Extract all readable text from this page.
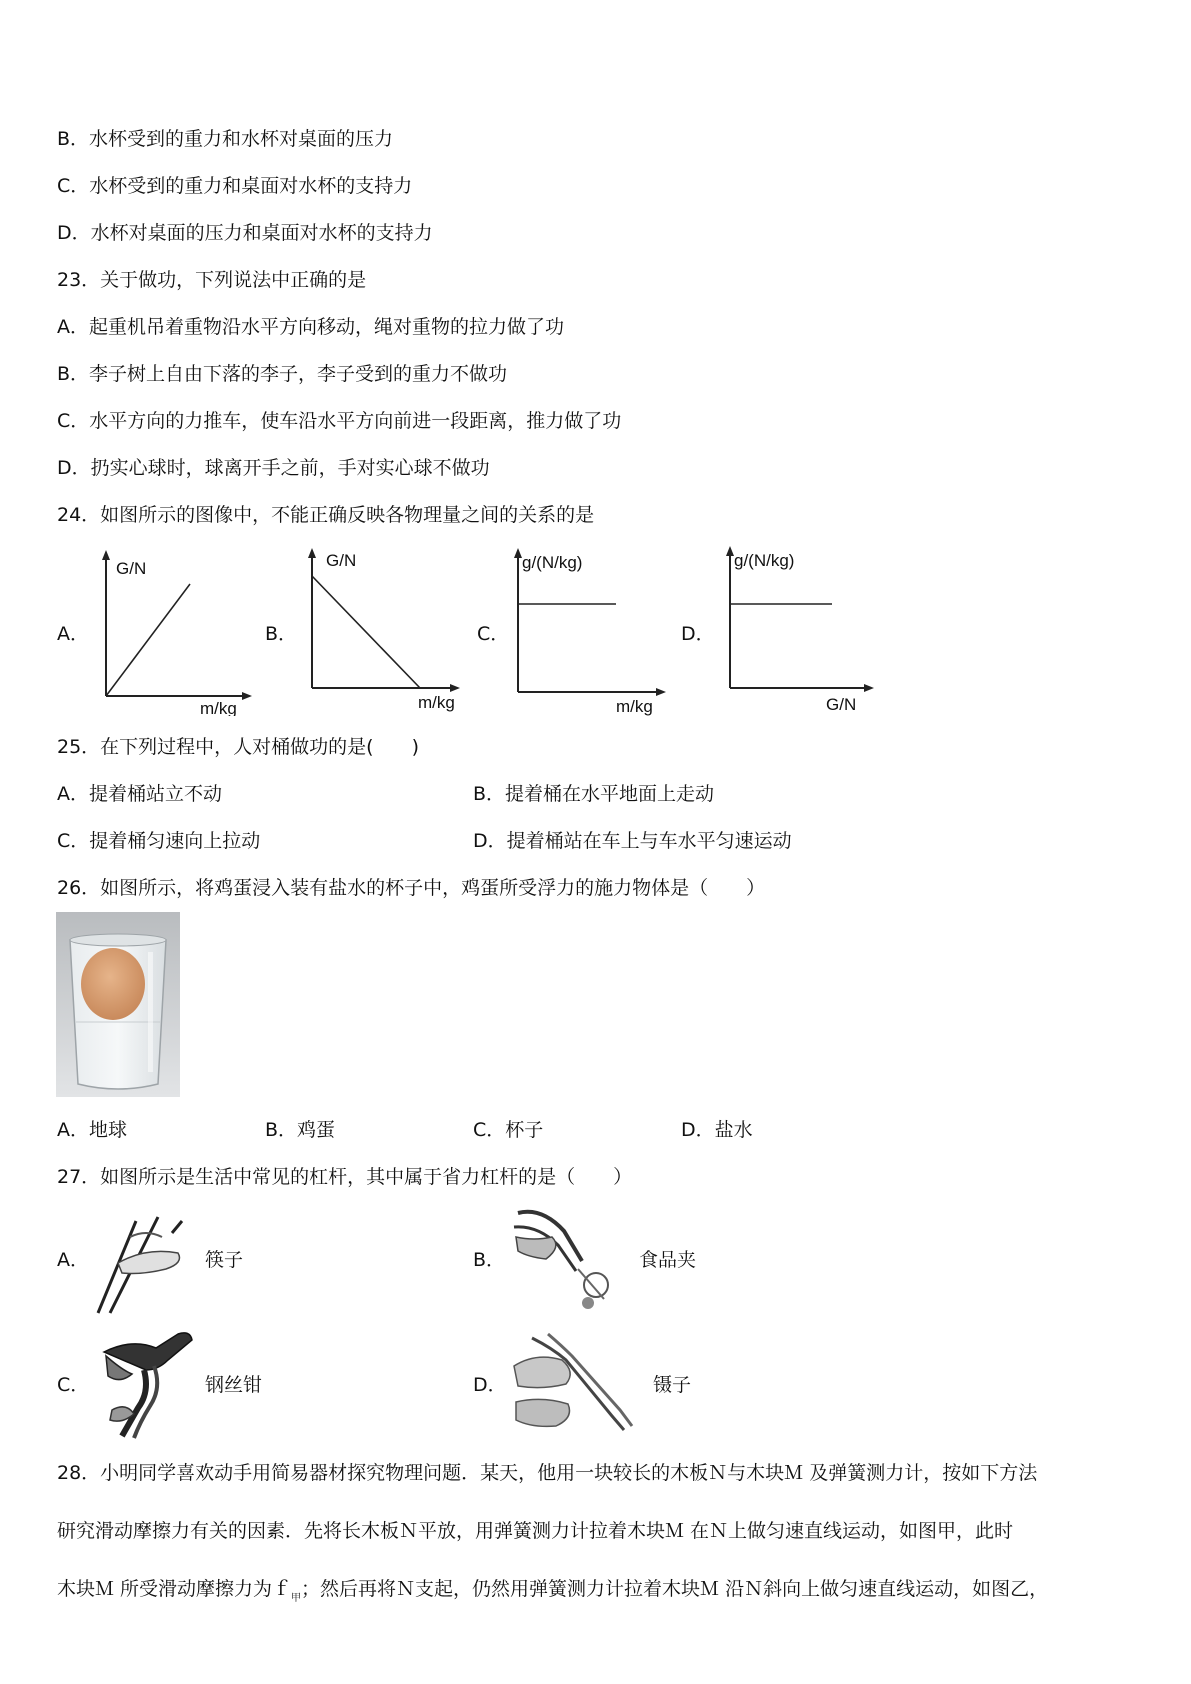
B．水杯受到的重力和水杯对桌面的压力
C．水杯受到的重力和桌面对水杯的支持力
D．水杯对桌面的压力和桌面对水杯的支持力
23．关于做功，下列说法中正确的是
A．起重机吊着重物沿水平方向移动，绳对重物的拉力做了功
B．李子树上自由下落的李子，李子受到的重力不做功
C．水平方向的力推车，使车沿水平方向前进一段距离，推力做了功
D．扔实心球时，球离开手之前，手对实心球不做功
24．如图所示的图像中，不能正确反映各物理量之间的关系的是
A．
G/N
m/kg
B．
G/N
m/kg
C．
g/(N/kg)
m/kg
D．
g/(N/kg)
G/N
25．在下列过程中，人对桶做功的是(　　)
A．提着桶站立不动	B．提着桶在水平地面上走动
C．提着桶匀速向上拉动	D．提着桶站在车上与车水平匀速运动
26．如图所示，将鸡蛋浸入装有盐水的杯子中，鸡蛋所受浮力的施力物体是（　　）
A．地球	B．鸡蛋	C．杯子	D．盐水
27．如图所示是生活中常见的杠杆，其中属于省力杠杆的是（　　）
A．	筷子	B．	食品夹
C．	钢丝钳	D．	镊子
28．小明同学喜欢动手用简易器材探究物理问题．某天，他用一块较长的木板Ｎ与木块Ｍ 及弹簧测力计，按如下方法
研究滑动摩擦力有关的因素．先将长木板Ｎ平放，用弹簧测力计拉着木块Ｍ 在Ｎ上做匀速直线运动，如图甲，此时
木块Ｍ 所受滑动摩擦力为ｆ$_甲$；然后再将Ｎ支起，仍然用弹簧测力计拉着木块Ｍ 沿Ｎ斜向上做匀速直线运动，如图乙，
